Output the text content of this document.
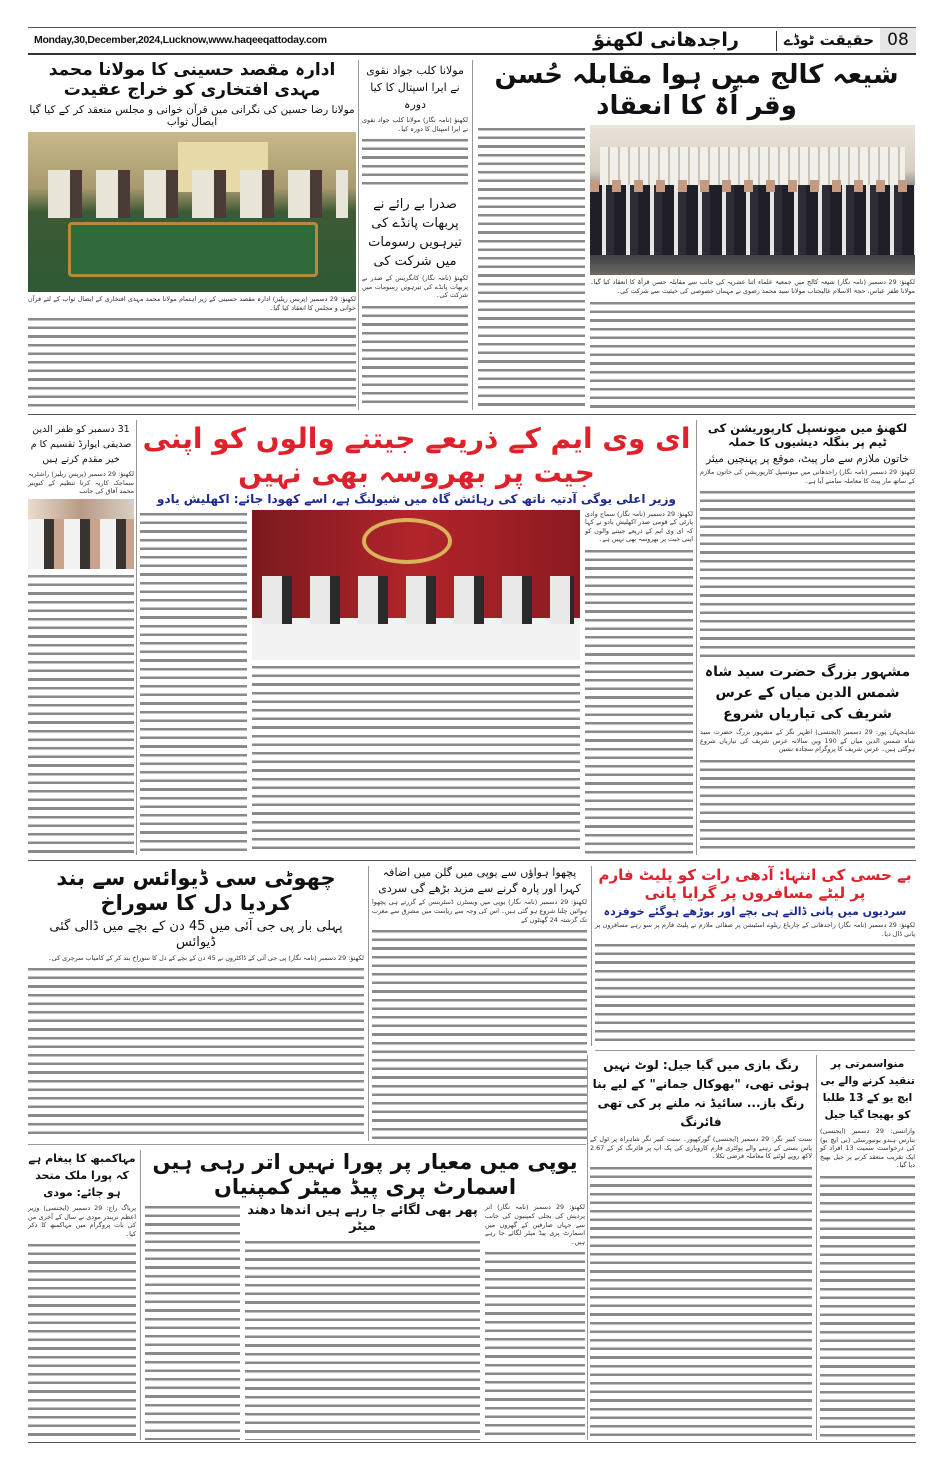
Monday,30,December,2024,Lucknow,www.haqeeqattoday.com	راجدھانی لکھنؤ	حقیقت ٹوڈے 08
شیعہ کالج میں ہوا مقابلہ حُسن وقر اُۃ کا انعقاد
لکھنؤ: 29 دسمبر (نامہ نگار) شیعہ کالج میں جمعیۃ علماء اثنا عشریہ کی جانب سے مقابلہ حسن قرأۃ کا انعقاد کیا گیا۔ مولانا ظفر عباس، حجۃ الاسلام عالیجناب مولانا سید محمد رضوی نے مہمان خصوصی کی حیثیت سے شرکت کی۔
مولانا کلب جواد نقوی نے ایرا اسپتال کا کیا دورہ
لکھنؤ (نامہ نگار) مولانا کلب جواد نقوی نے ایرا اسپتال کا دورہ کیا۔
صدرا بے رائے نے پربھات پانڈے کی تیرہویں رسومات میں شرکت کی
لکھنؤ (نامہ نگار) کانگریس کے صدر نے پربھات پانڈے کی تیرہویں رسومات میں شرکت کی۔
ادارہ مقصد حسینی کا مولانا محمد مہدی افتخاری کو خراج عقیدت
مولانا رضا حسین کی نگرانی میں قرآن خوانی و مجلس منعقد کر کے کیا گیا ایصال ثواب
لکھنؤ: 29 دسمبر (پریس ریلیز) ادارہ مقصد حسینی کے زیر اہتمام مولانا محمد مہدی افتخاری کے ایصال ثواب کے لئے قرآن خوانی و مجلس کا انعقاد کیا گیا۔
لکھنؤ میں میونسپل کارپوریشن کی ٹیم پر بنگلہ دیشیوں کا حملہ
خاتون ملازم سے مار پیٹ، موقع پر پہنچیں میئر
لکھنؤ: 29 دسمبر (نامہ نگار) راجدھانی میں میونسپل کارپوریشن کی خاتون ملازم کے ساتھ مار پیٹ کا معاملہ سامنے آیا ہے۔
مشہور بزرگ حضرت سید شاہ شمس الدین میاں کے عرس شریف کی تیاریاں شروع
شاہجہاں پور: 29 دسمبر (ایجنسی) اظہر نگر کے مشہور بزرگ حضرت سید شاہ شمس الدین میاں کے 190 ویں سالانہ عرس شریف کی تیاریاں شروع ہوگئی ہیں۔ عرس شریف کا پروگرام سجادہ نشین
ای وی ایم کے ذریعے جیتنے والوں کو اپنی جیت پر بھروسہ بھی نہیں
وزیر اعلی یوگی آدتیہ ناتھ کی رہائش گاہ میں شیولنگ ہے، اسے کھودا جائے: اکھلیش یادو
لکھنؤ: 29 دسمبر (نامہ نگار) سماج وادی پارٹی کے قومی صدر اکھلیش یادو نے کہا کہ ای وی ایم کے ذریعے جیتنے والوں کو اپنی جیت پر بھروسہ بھی نہیں ہے۔
31 دسمبر کو ظفر الدین صدیقی ایوارڈ تقسیم کا م خیر مقدم کرتے ہیں
لکھنؤ: 29 دسمبر (پریس ریلیز) راشٹریہ سماجک کاریہ کرتا تنظیم کے کنوینر محمد آفاق کی جانب
بے حسی کی انتہا: آدھی رات کو پلیٹ فارم پر لیٹے مسافروں پر گرایا پانی
سردیوں میں پانی ڈالتے ہی بچے اور بوڑھے ہوگئے خوفزدہ
لکھنؤ: 29 دسمبر (نامہ نگار) راجدھانی کے چارباغ ریلوے اسٹیشن پر صفائی ملازم نے پلیٹ فارم پر سو رہے مسافروں پر پانی ڈال دیا۔
رنگ بازی میں گیا جیل: لوٹ نہیں ہوئی تھی، "بھوکال جمانے" کے لیے بنا رنگ باز... سائیڈ نہ ملنے پر کی تھی فائرنگ
سنت کبیر نگر: 29 دسمبر (ایجنسی) گورکھپور۔ سنت کبیر نگر شاہراہ پر ٹول کے پاس بستی کے رہنے والے پولٹری فارم کاروباری کی پک اپ پر فائرنگ کر کے 2.67 لاکھ روپے لوٹنے کا معاملہ فرضی نکلا۔
منواسمرتی پر تنقید کرنے والے بی ایچ یو کے 13 طلبا کو بھیجا گیا جیل
وارانسی: 29 دسمبر (ایجنسی) بنارس ہندو یونیورسٹی (بی ایچ یو) کی درخواست سمیت 13 افراد کو ایک تقریب منعقد کرنے پر جیل بھیج دیا گیا۔
پچھوا ہواؤں سے یوپی میں گلن میں اضافہ
کہرا اور پارہ گرنے سے مزید بڑھے گی سردی
لکھنؤ: 29 دسمبر (نامہ نگار) یوپی میں ویسٹرن ڈسٹربنس کے گزرتے ہی پچھوا ہوائیں چلنا شروع ہو گئی ہیں۔ اس کی وجہ سے ریاست میں مشرق سے مغرب تک گزشتہ 24 گھنٹوں کے
چھوٹی سی ڈیوائس سے بند کردیا دل کا سوراخ
پہلی بار پی جی آئی میں 45 دن کے بچے میں ڈالی گئی ڈیوائس
لکھنؤ: 29 دسمبر (نامہ نگار) پی جی آئی کے ڈاکٹروں نے 45 دن کے بچے کے دل کا سوراخ بند کر کے کامیاب سرجری کی۔
مہاکمبھ کا پیغام ہے کہ پورا ملک متحد ہو جائے: مودی
پریاگ راج: 29 دسمبر (ایجنسی) وزیر اعظم نریندر مودی نے سال کے آخری من کی بات پروگرام میں مہاکمبھ کا ذکر کیا۔
یوپی میں معیار پر پورا نہیں اتر رہی ہیں اسمارٹ پری پیڈ میٹر کمپنیاں
لکھنؤ: 29 دسمبر (نامہ نگار) اتر پردیش کی بجلی کمپنیوں کی جانب سے جہاں صارفین کے گھروں میں اسمارٹ پری پیڈ میٹر لگائے جا رہے ہیں۔
پھر بھی لگائے جا رہے ہیں اندھا دھند میٹر
